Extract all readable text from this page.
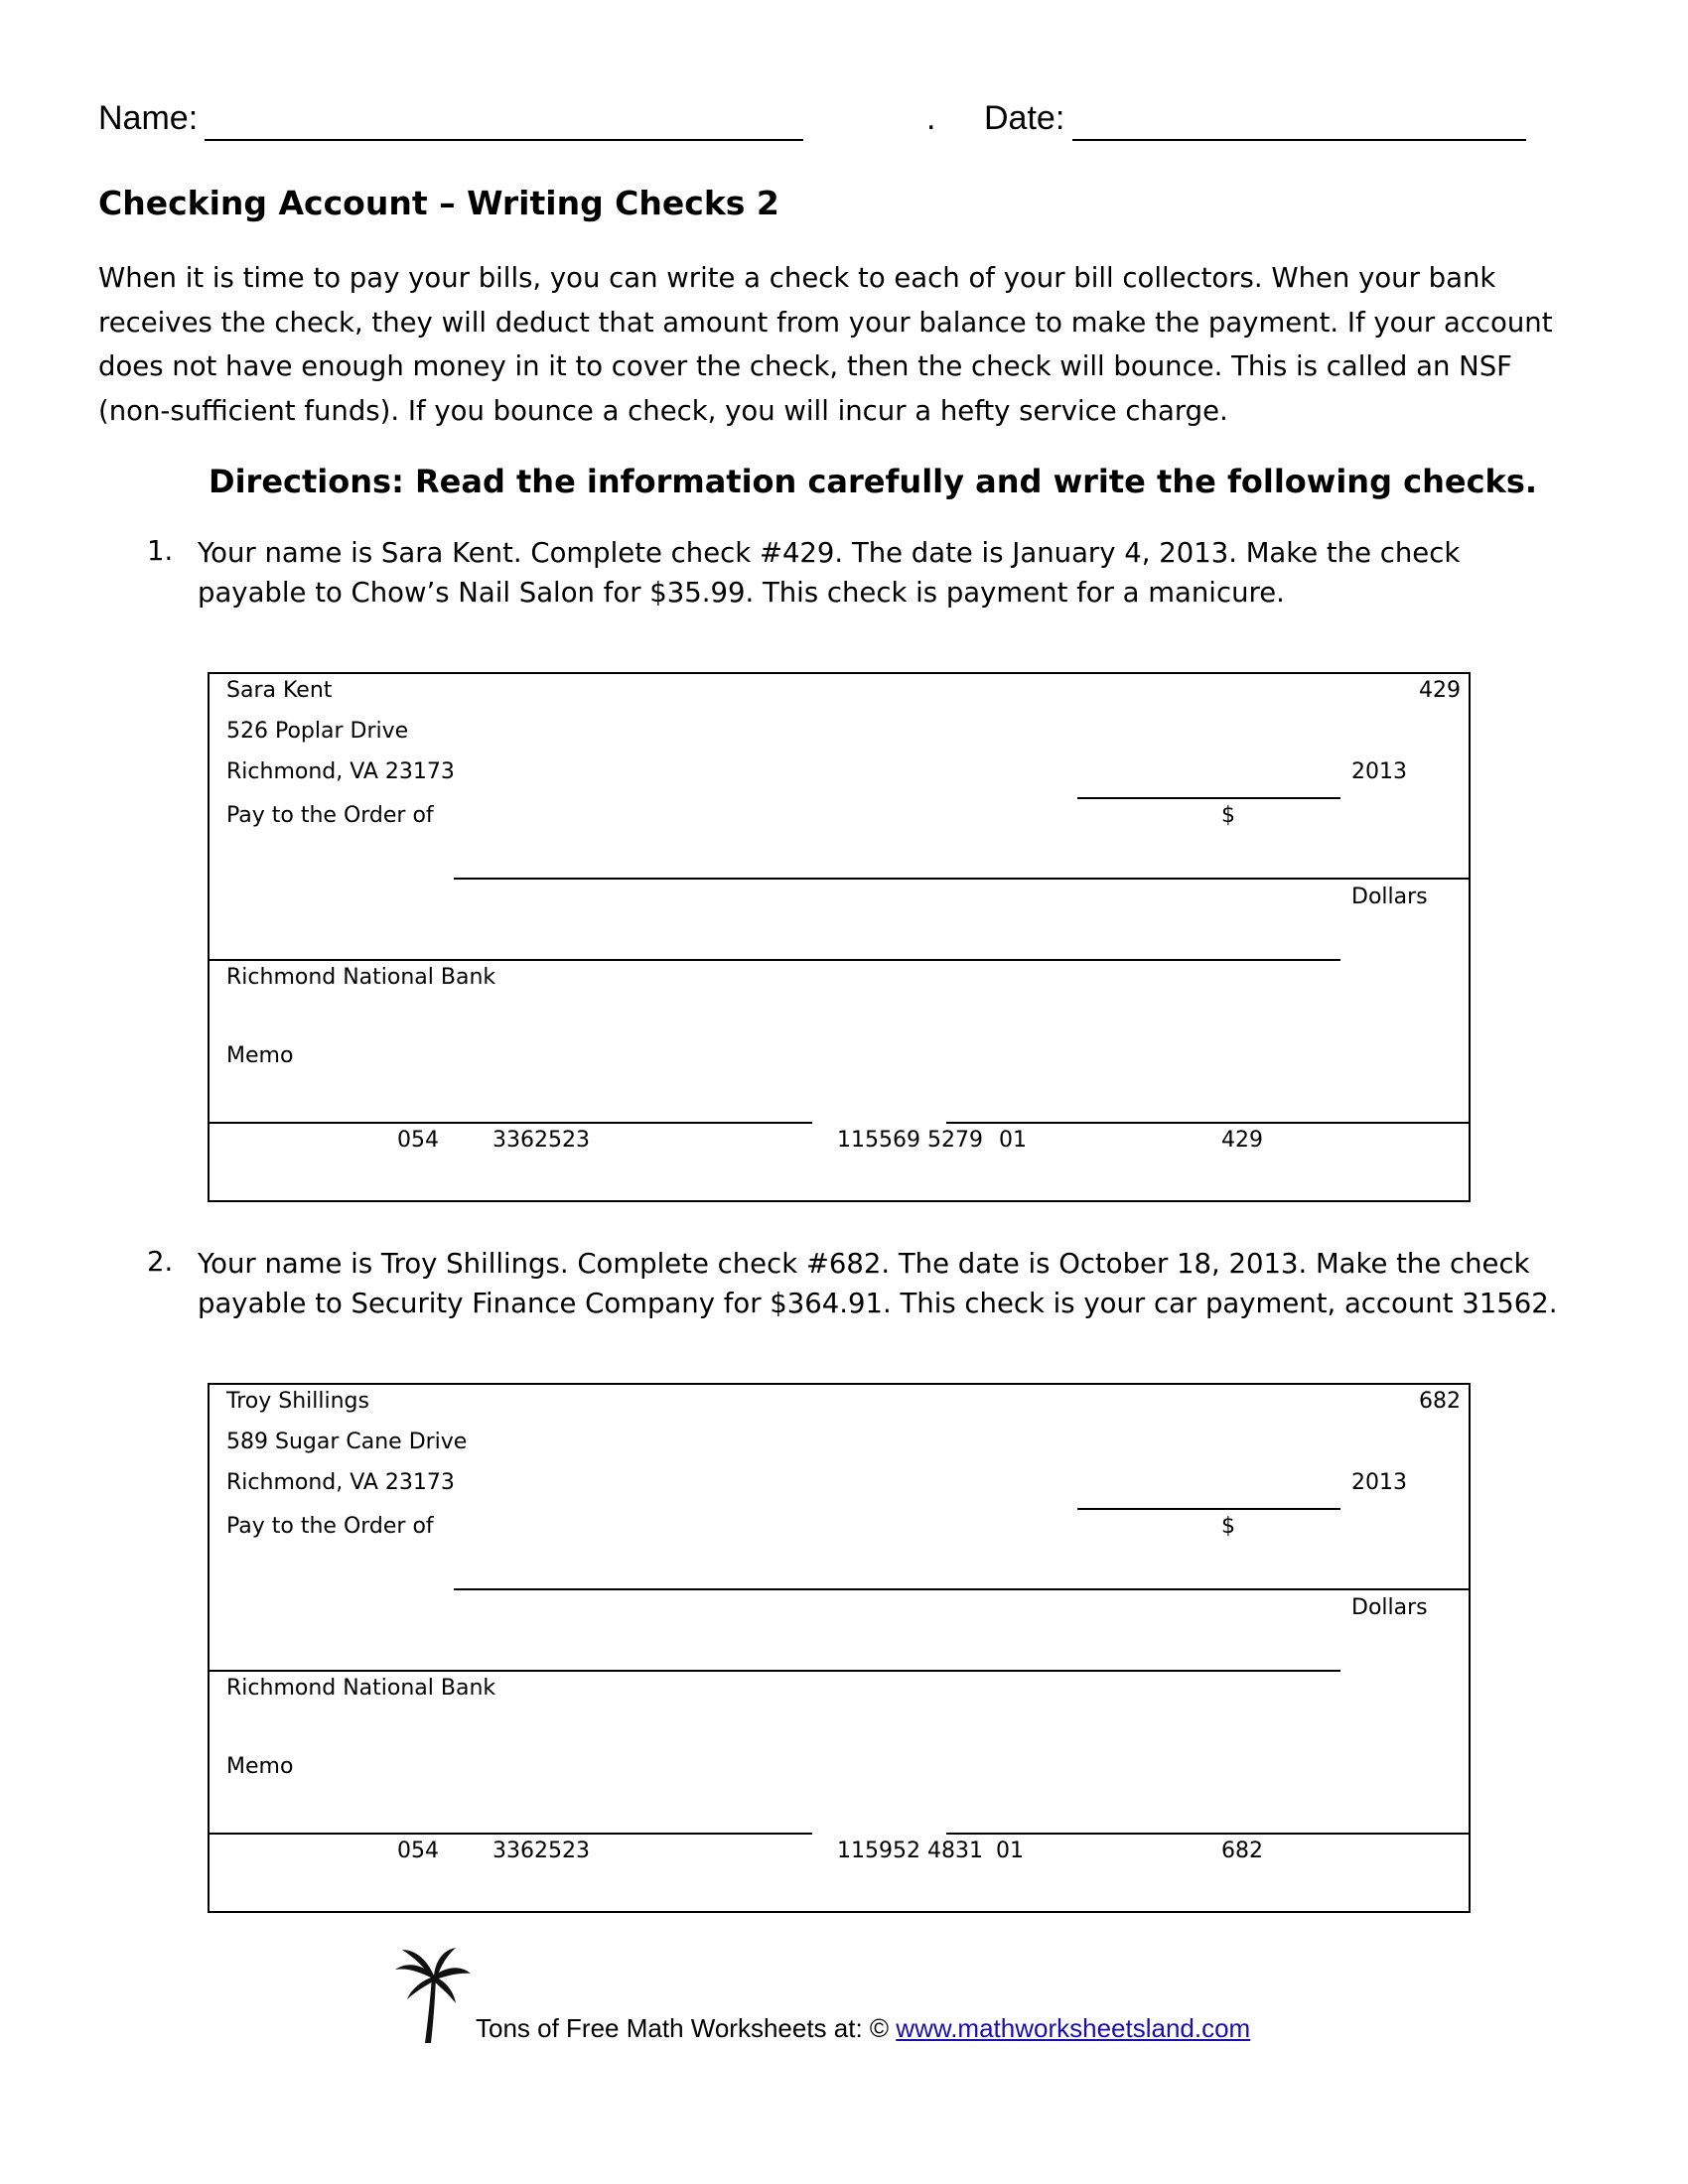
Name:	. Date:
Checking Account – Writing Checks 2
When it is time to pay your bills, you can write a check to each of your bill collectors. When your bank receives the check, they will deduct that amount from your balance to make the payment. If your account does not have enough money in it to cover the check, then the check will bounce. This is called an NSF (non-sufficient funds). If you bounce a check, you will incur a hefty service charge.
Directions: Read the information carefully and write the following checks.
1. Your name is Sara Kent. Complete check #429. The date is January 4, 2013. Make the check payable to Chow’s Nail Salon for $35.99. This check is payment for a manicure.
Sara Kent	429
526 Poplar Drive
Richmond, VA 23173	2013
Pay to the Order of	$
Dollars
Richmond National Bank
Memo
054 3362523	115569 5279 01	429
2. Your name is Troy Shillings. Complete check #682. The date is October 18, 2013. Make the check payable to Security Finance Company for $364.91. This check is your car payment, account 31562.
Troy Shillings	682
589 Sugar Cane Drive
Richmond, VA 23173	2013
Pay to the Order of	$
Dollars
Richmond National Bank
Memo
054 3362523	115952 4831 01	682
Tons of Free Math Worksheets at: © www.mathworksheetsland.com
